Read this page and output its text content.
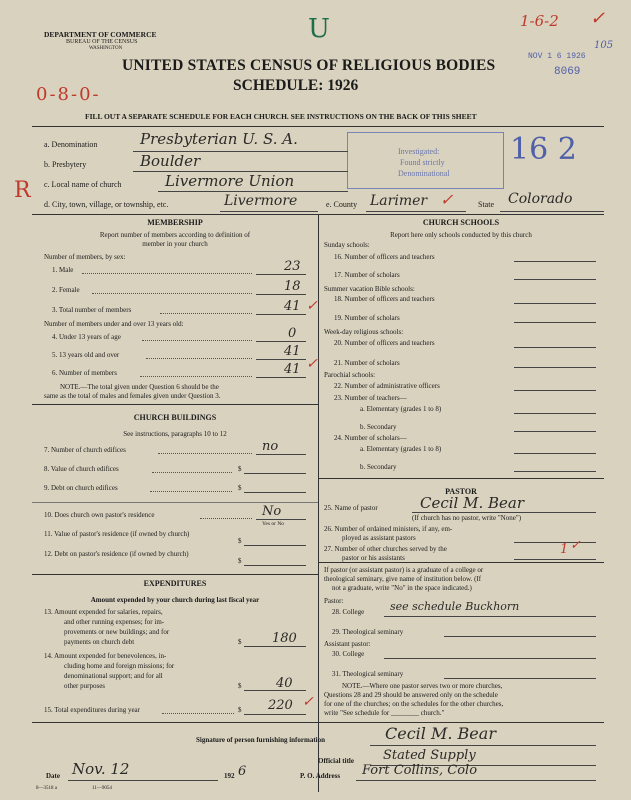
DEPARTMENT OF COMMERCE
BUREAU OF THE CENSUS
WASHINGTON
UNITED STATES CENSUS OF RELIGIOUS BODIES
SCHEDULE: 1926
FILL OUT A SEPARATE SCHEDULE FOR EACH CHURCH. SEE INSTRUCTIONS ON THE BACK OF THIS SHEET
U	1-6-2 ✓
NOV 1 6 1926
105
8069
0-8-0-
Investigated:
Found strictly
Denominational
16 2
R
a. Denomination	Presbyterian U. S. A.
b. Presbytery	Boulder
c. Local name of church	Livermore Union
d. City, town, village, or township, etc.	Livermore	e. County Larimer ✓	State Colorado
MEMBERSHIP
Report number of members according to definition of
member in your church
Number of members, by sex:
1. Male	23
2. Female	18
3. Total number of members	41 ✓
Number of members under and over 13 years old:
4. Under 13 years of age	0
5. 13 years old and over	41
6. Number of members	41 ✓
NOTE.—The total given under Question 6 should be the
same as the total of males and females given under Question 3.
CHURCH BUILDINGS
See instructions, paragraphs 10 to 12
7. Number of church edifices	no
8. Value of church edifices	$
9. Debt on church edifices	$
10. Does church own pastor's residence	No
Yes or No
11. Value of pastor's residence (if owned by church)
$
12. Debt on pastor's residence (if owned by church)
$
EXPENDITURES
Amount expended by your church during last fiscal year
13. Amount expended for salaries, repairs,
and other running expenses; for im-
provements or new buildings; and for
payments on church debt	$ 180
14. Amount expended for benevolences, in-
cluding home and foreign missions; for
denominational support; and for all
other purposes	$	40
15. Total expenditures during year	$ 220 ✓
CHURCH SCHOOLS
Report here only schools conducted by this church
Sunday schools:
16. Number of officers and teachers
17. Number of scholars
Summer vacation Bible schools:
18. Number of officers and teachers
19. Number of scholars
Week-day religious schools:
20. Number of officers and teachers
21. Number of scholars
Parochial schools:
22. Number of administrative officers
23. Number of teachers—
a. Elementary (grades 1 to 8)
b. Secondary
24. Number of scholars—
a. Elementary (grades 1 to 8)
b. Secondary
PASTOR
25. Name of pastor	Cecil M. Bear
(If church has no pastor, write "None")
26. Number of ordained ministers, if any, em-
ployed as assistant pastors
27. Number of other churches served by the
pastor or his assistants
1 ✓
If pastor (or assistant pastor) is a graduate of a college or
theological seminary, give name of institution below. (If
not a graduate, write "No" in the space indicated.)
Pastor:
28. College see schedule Buckhorn
29. Theological seminary
Assistant pastor:
30. College
31. Theological seminary
NOTE.—Where one pastor serves two or more churches,
Questions 28 and 29 should be answered only on the schedule
for one of the churches; on the schedules for the other churches,
write "See schedule for ________ church."
Signature of person furnishing information	Cecil M. Bear
Official title Stated Supply
Date Nov. 12	192 6	P. O. Address Fort Collins, Colo
8—3518 a	11—9054
